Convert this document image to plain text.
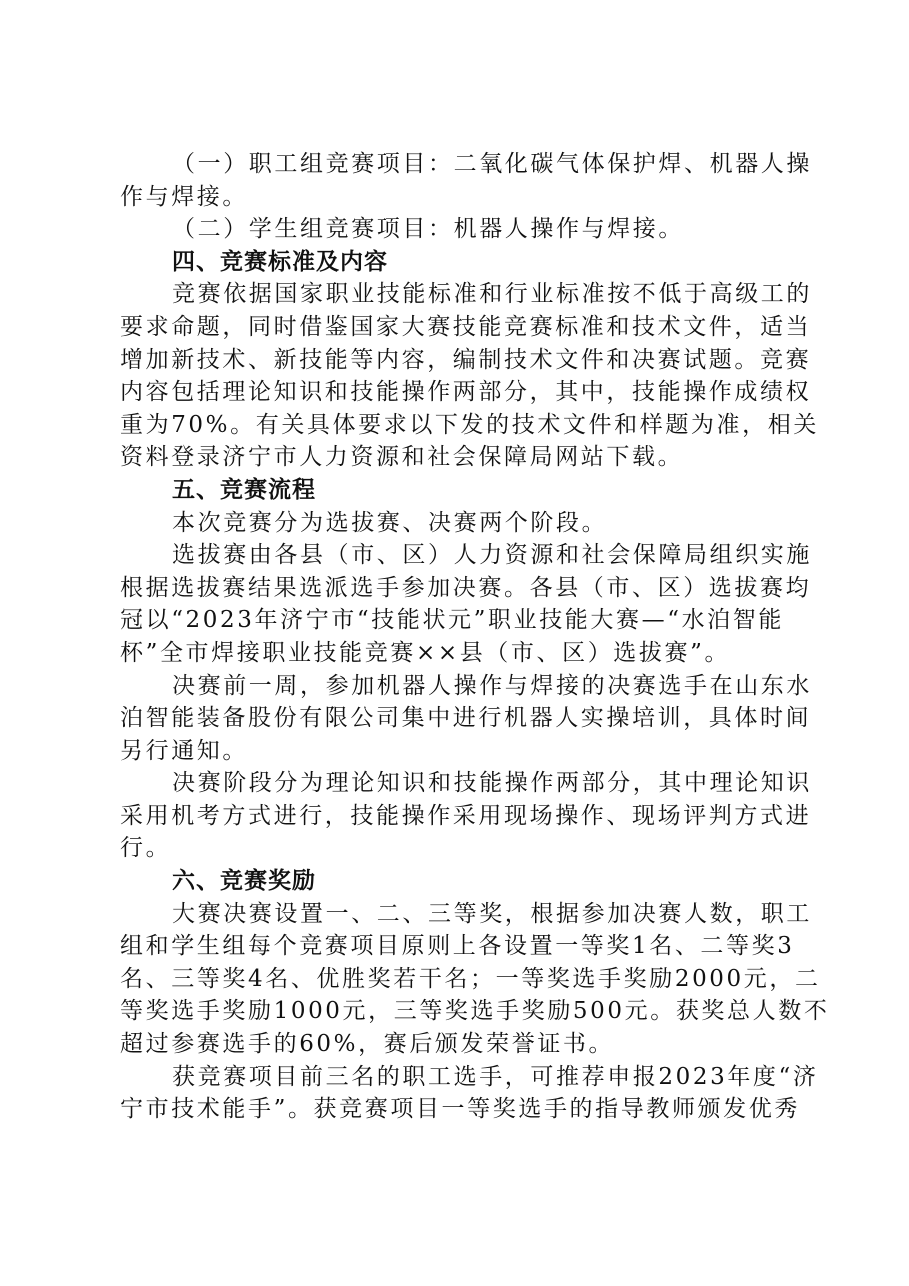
（一）职工组竞赛项目：二氧化碳气体保护焊、机器人操
作与焊接。
（二）学生组竞赛项目：机器人操作与焊接。
四、竞赛标准及内容
竞赛依据国家职业技能标准和行业标准按不低于高级工的
要求命题，同时借鉴国家大赛技能竞赛标准和技术文件，适当
增加新技术、新技能等内容，编制技术文件和决赛试题。竞赛
内容包括理论知识和技能操作两部分，其中，技能操作成绩权
重为70%。有关具体要求以下发的技术文件和样题为准，相关
资料登录济宁市人力资源和社会保障局网站下载。
五、竞赛流程
本次竞赛分为选拔赛、决赛两个阶段。
选拔赛由各县（市、区）人力资源和社会保障局组织实施
根据选拔赛结果选派选手参加决赛。各县（市、区）选拔赛均
冠以“2023年济宁市“技能状元”职业技能大赛—“水泊智能
杯”全市焊接职业技能竞赛××县（市、区）选拔赛”。
决赛前一周，参加机器人操作与焊接的决赛选手在山东水
泊智能装备股份有限公司集中进行机器人实操培训，具体时间
另行通知。
决赛阶段分为理论知识和技能操作两部分，其中理论知识
采用机考方式进行，技能操作采用现场操作、现场评判方式进
行。
六、竞赛奖励
大赛决赛设置一、二、三等奖，根据参加决赛人数，职工
组和学生组每个竞赛项目原则上各设置一等奖1名、二等奖3
名、三等奖4名、优胜奖若干名；一等奖选手奖励2000元，二
等奖选手奖励1000元，三等奖选手奖励500元。获奖总人数不
超过参赛选手的60%，赛后颁发荣誉证书。
获竞赛项目前三名的职工选手，可推荐申报2023年度“济
宁市技术能手”。获竞赛项目一等奖选手的指导教师颁发优秀
